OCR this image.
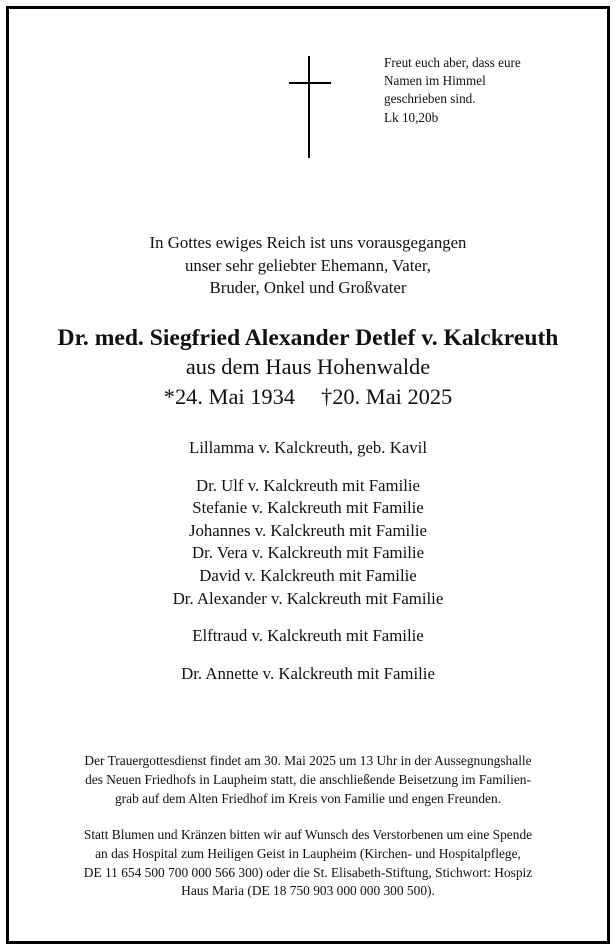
Freut euch aber, dass eure
Namen im Himmel
geschrieben sind.
Lk 10,20b
In Gottes ewiges Reich ist uns vorausgegangen
unser sehr geliebter Ehemann, Vater,
Bruder, Onkel und Großvater
Dr. med. Siegfried Alexander Detlef v. Kalckreuth
aus dem Haus Hohenwalde
*24. Mai 1934 †20. Mai 2025
Lillamma v. Kalckreuth, geb. Kavil
Dr. Ulf v. Kalckreuth mit Familie
Stefanie v. Kalckreuth mit Familie
Johannes v. Kalckreuth mit Familie
Dr. Vera v. Kalckreuth mit Familie
David v. Kalckreuth mit Familie
Dr. Alexander v. Kalckreuth mit Familie
Elftraud v. Kalckreuth mit Familie
Dr. Annette v. Kalckreuth mit Familie
Der Trauergottesdienst findet am 30. Mai 2025 um 13 Uhr in der Aussegnungshalle
des Neuen Friedhofs in Laupheim statt, die anschließende Beisetzung im Familien-
grab auf dem Alten Friedhof im Kreis von Familie und engen Freunden.
Statt Blumen und Kränzen bitten wir auf Wunsch des Verstorbenen um eine Spende
an das Hospital zum Heiligen Geist in Laupheim (Kirchen- und Hospitalpflege,
DE 11 654 500 700 000 566 300) oder die St. Elisabeth-Stiftung, Stichwort: Hospiz
Haus Maria (DE 18 750 903 000 000 300 500).
